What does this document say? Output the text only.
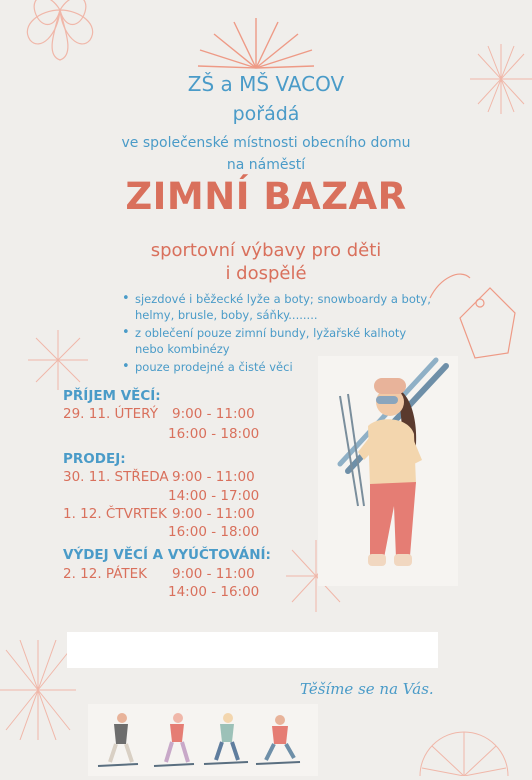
ZŠ a MŠ VACOV
pořádá
ve společenské místnosti obecního domu
na náměstí
ZIMNÍ BAZAR
sportovní výbavy pro děti
i dospělé
• sjezdové i běžecké lyže a boty; snowboardy a boty, helmy, brusle, boby, sáňky........
• z oblečení pouze zimní bundy, lyžařské kalhoty nebo kombinézy
• pouze prodejné a čisté věci
PŘÍJEM VĚCÍ:
29. 11. ÚTERÝ 9:00 - 11:00
16:00 - 18:00
PRODEJ:
30. 11. STŘEDA 9:00 - 11:00
14:00 - 17:00
1. 12. ČTVRTEK 9:00 - 11:00
16:00 - 18:00
VÝDEJ VĚCÍ A VYÚČTOVÁNÍ:
2. 12. PÁTEK 9:00 - 11:00
14:00 - 16:00
Těšíme se na Vás.
